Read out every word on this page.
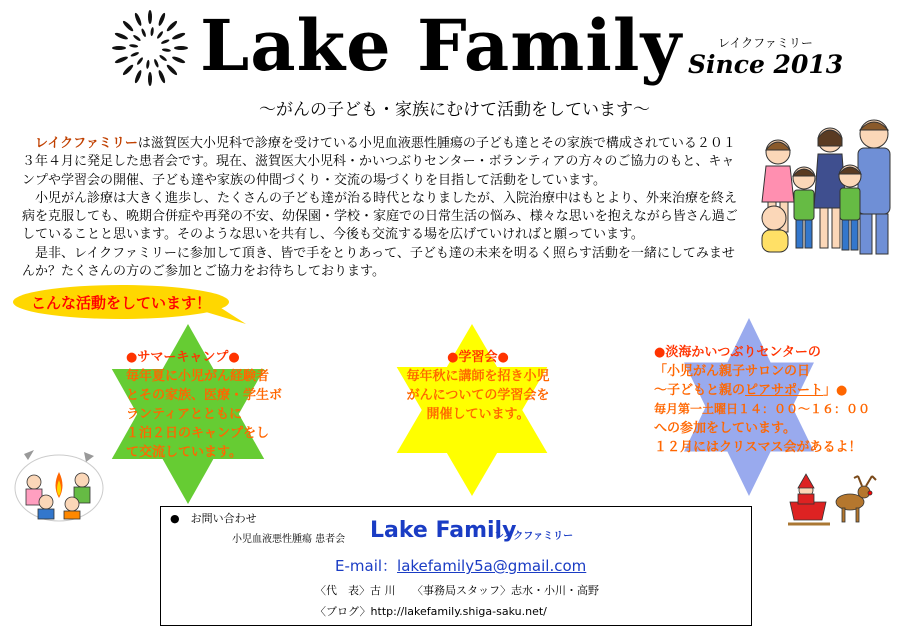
Lake Family	レイクファミリー
Since 2013
～がんの子ども・家族にむけて活動をしています～
レイクファミリーは滋賀医大小児科で診療を受けている小児血液悪性腫瘍の子ども達とその家族で構成されている２０１３年４月に発足した患者会です。現在、滋賀医大小児科・かいつぶりセンター・ボランティアの方々のご協力のもと、キャンプや学習会の開催、子ども達や家族の仲間づくり・交流の場づくりを目指して活動をしています。
小児がん診療は大きく進歩し、たくさんの子ども達が治る時代となりましたが、入院治療中はもとより、外来治療を終え病を克服しても、晩期合併症や再発の不安、幼保園・学校・家庭での日常生活の悩み、様々な思いを抱えながら皆さん過ごしていることと思います。そのような思いを共有し、今後も交流する場を広げていければと願っています。
是非、レイクファミリーに参加して頂き、皆で手をとりあって、子ども達の未来を明るく照らす活動を一緒にしてみませんか？たくさんの方のご参加とご協力をお待ちしております。
こんな活動をしています！
●サマーキャンプ●
毎年夏に小児がん経験者
とその家族、医療・学生ボ
ランティアとともに
１泊２日のキャンプをし
て交流しています。
●学習会●
毎年秋に講師を招き小児
がんについての学習会を
開催しています。
●淡海かいつぶりセンターの
「小児がん親子サロンの日
～子どもと親のピアサポート」●
毎月第一土曜日１４：００～１６：００
への参加をしています。
１２月にはクリスマス会があるよ！
●　お問い合わせ
小児血液悪性腫瘍 患者会 Lake Family
レイクファミリー
E-mail：lakefamily5a@gmail.com
〈代　表〉古 川　　〈事務局スタッフ〉志水・小川・高野
〈ブログ〉http://lakefamily.shiga-saku.net/
